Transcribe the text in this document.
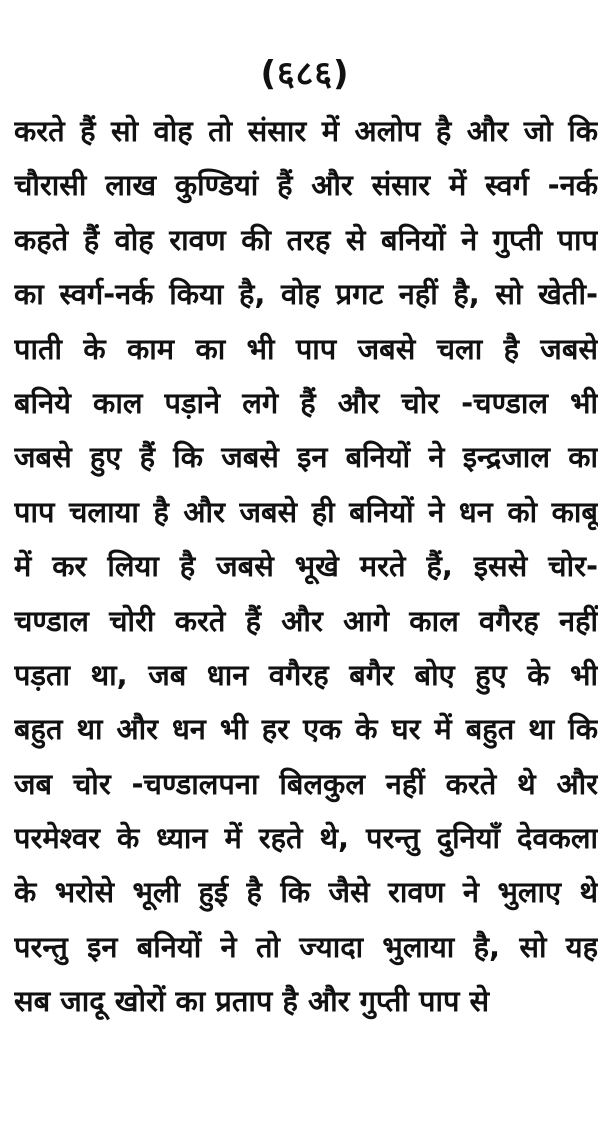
(६८६)
करते हैं सो वोह तो संसार में अलोप है और जो कि
चौरासी लाख कुण्डियां हैं और संसार में स्वर्ग -नर्क
कहते हैं वोह रावण की तरह से बनियों ने गुप्ती पाप
का स्वर्ग-नर्क किया है, वोह प्रगट नहीं है, सो खेती-
पाती के काम का भी पाप जबसे चला है जबसे
बनिये काल पड़ाने लगे हैं और चोर -चण्डाल भी
जबसे हुए हैं कि जबसे इन बनियों ने इन्द्रजाल का
पाप चलाया है और जबसे ही बनियों ने धन को काबू
में कर लिया है जबसे भूखे मरते हैं, इससे चोर-
चण्डाल चोरी करते हैं और आगे काल वगैरह नहीं
पड़ता था, जब धान वगैरह बगैर बोए हुए के भी
बहुत था और धन भी हर एक के घर में बहुत था कि
जब चोर -चण्डालपना बिलकुल नहीं करते थे और
परमेश्वर के ध्यान में रहते थे, परन्तु दुनियाँ देवकला
के भरोसे भूली हुई है कि जैसे रावण ने भुलाए थे
परन्तु इन बनियों ने तो ज्यादा भुलाया है, सो यह
सब जादू खोरों का प्रताप है और गुप्ती पाप से
